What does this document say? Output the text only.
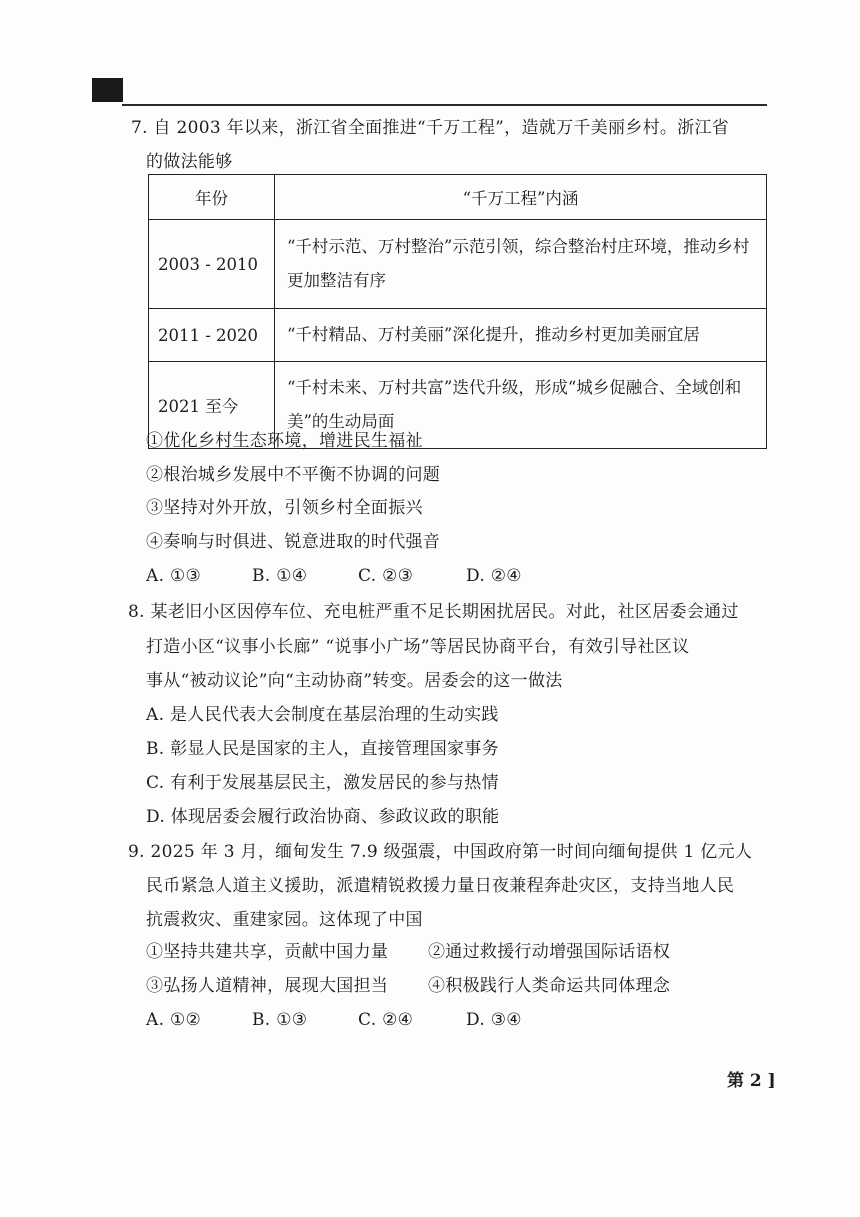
7. 自 2003 年以来，浙江省全面推进“千万工程”，造就万千美丽乡村。浙江省
的做法能够
年份	“千万工程”内涵
2003 - 2010	“千村示范、万村整治”示范引领，综合整治村庄环境，推动乡村更加整洁有序
2011 - 2020	“千村精品、万村美丽”深化提升，推动乡村更加美丽宜居
2021 至今	“千村未来、万村共富”迭代升级，形成“城乡促融合、全域创和美”的生动局面
①优化乡村生态环境，增进民生福祉
②根治城乡发展中不平衡不协调的问题
③坚持对外开放，引领乡村全面振兴
④奏响与时俱进、锐意进取的时代强音
A. ①③	B. ①④	C. ②③	D. ②④
8. 某老旧小区因停车位、充电桩严重不足长期困扰居民。对此，社区居委会通过
打造小区“议事小长廊” “说事小广场”等居民协商平台，有效引导社区议
事从“被动议论”向“主动协商”转变。居委会的这一做法
A. 是人民代表大会制度在基层治理的生动实践
B. 彰显人民是国家的主人，直接管理国家事务
C. 有利于发展基层民主，激发居民的参与热情
D. 体现居委会履行政治协商、参政议政的职能
9. 2025 年 3 月，缅甸发生 7.9 级强震，中国政府第一时间向缅甸提供 1 亿元人
民币紧急人道主义援助，派遣精锐救援力量日夜兼程奔赴灾区，支持当地人民
抗震救灾、重建家园。这体现了中国
①坚持共建共享，贡献中国力量 ②通过救援行动增强国际话语权
③弘扬人道精神，展现大国担当 ④积极践行人类命运共同体理念
A. ①②	B. ①③	C. ②④	D. ③④
第 2 ]
